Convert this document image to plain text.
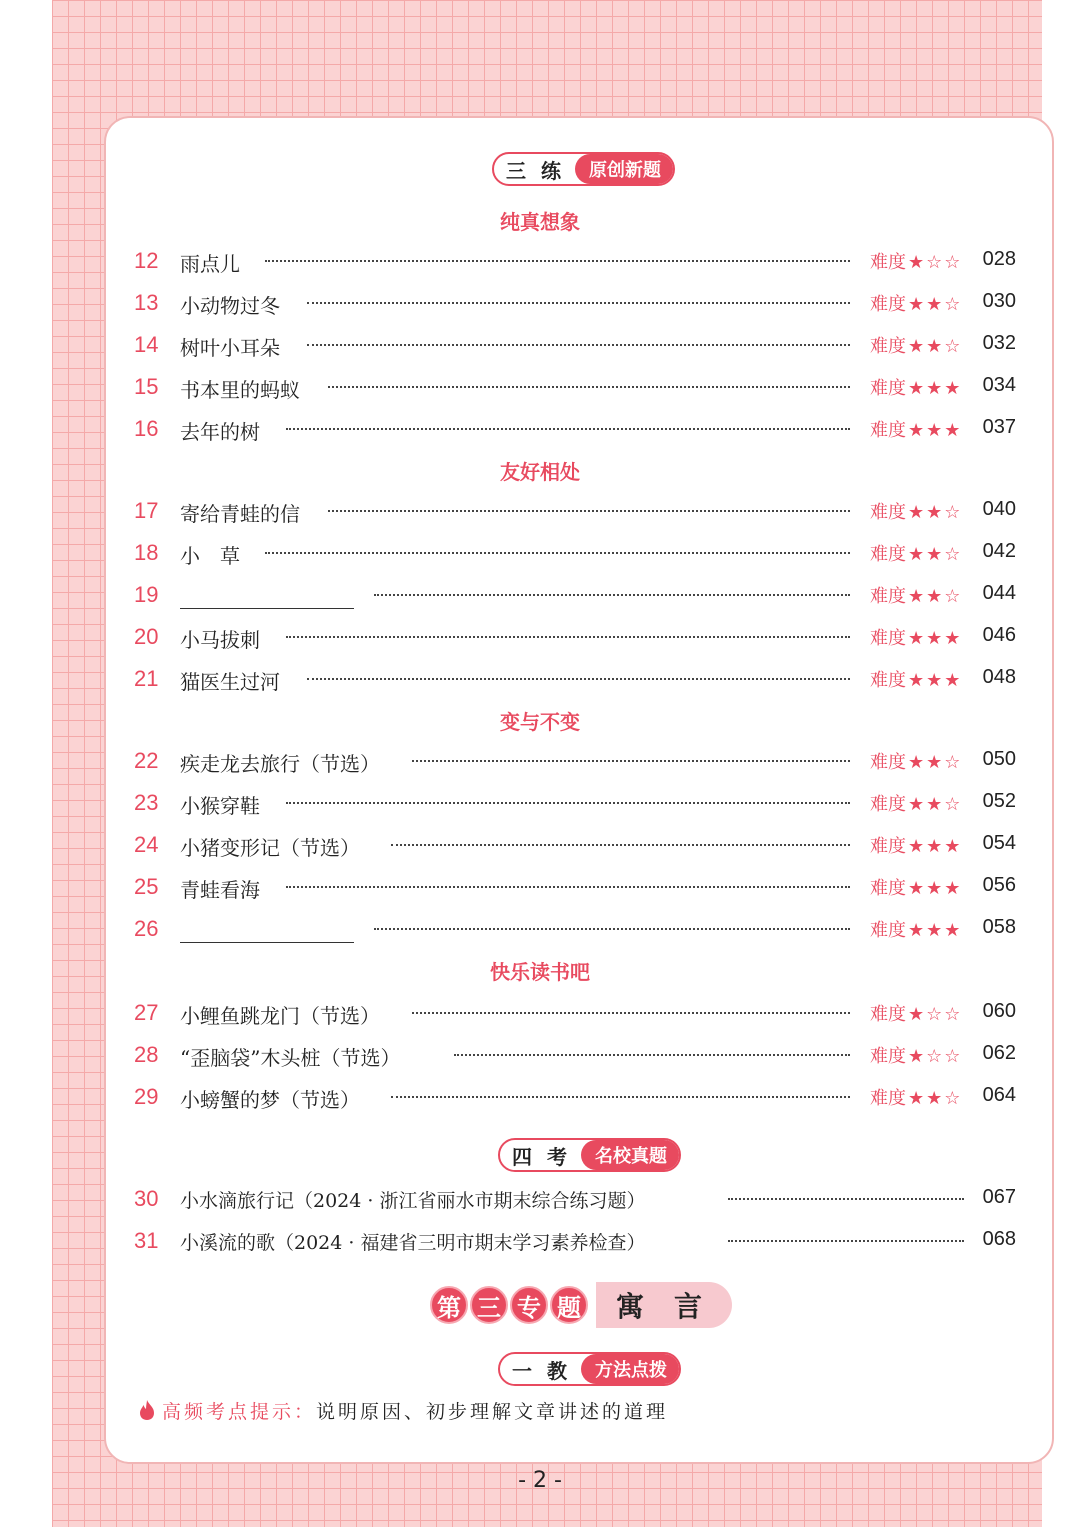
三 练	原创新题
纯真想象
友好相处
变与不变
快乐读书吧
12 雨点儿	难度 ★☆☆ 028
13 小动物过冬	难度 ★★☆ 030
14 树叶小耳朵	难度 ★★☆ 032
15 书本里的蚂蚁	难度 ★★★ 034
16 去年的树	难度 ★★★ 037
17 寄给青蛙的信	难度 ★★☆ 040
18 小　草	难度 ★★☆ 042
19	难度 ★★☆ 044
20 小马拔刺	难度 ★★★ 046
21 猫医生过河	难度 ★★★ 048
22 疾走龙去旅行（节选）	难度 ★★☆ 050
23 小猴穿鞋	难度 ★★☆ 052
24 小猪变形记（节选）	难度 ★★★ 054
25 青蛙看海	难度 ★★★ 056
26	难度 ★★★ 058
27 小鲤鱼跳龙门（节选）	难度 ★☆☆ 060
28 “歪脑袋”木头桩（节选）	难度 ★☆☆ 062
29 小螃蟹的梦（节选）	难度 ★★☆ 064
四 考	名校真题
30 小水滴旅行记（2024 · 浙江省丽水市期末综合练习题）	067
31 小溪流的歌（2024 · 福建省三明市期末学习素养检查）	068
第 三 专 题	寓言
一 教	方法点拨
高频考点提示：说明原因、初步理解文章讲述的道理
- 2 -
